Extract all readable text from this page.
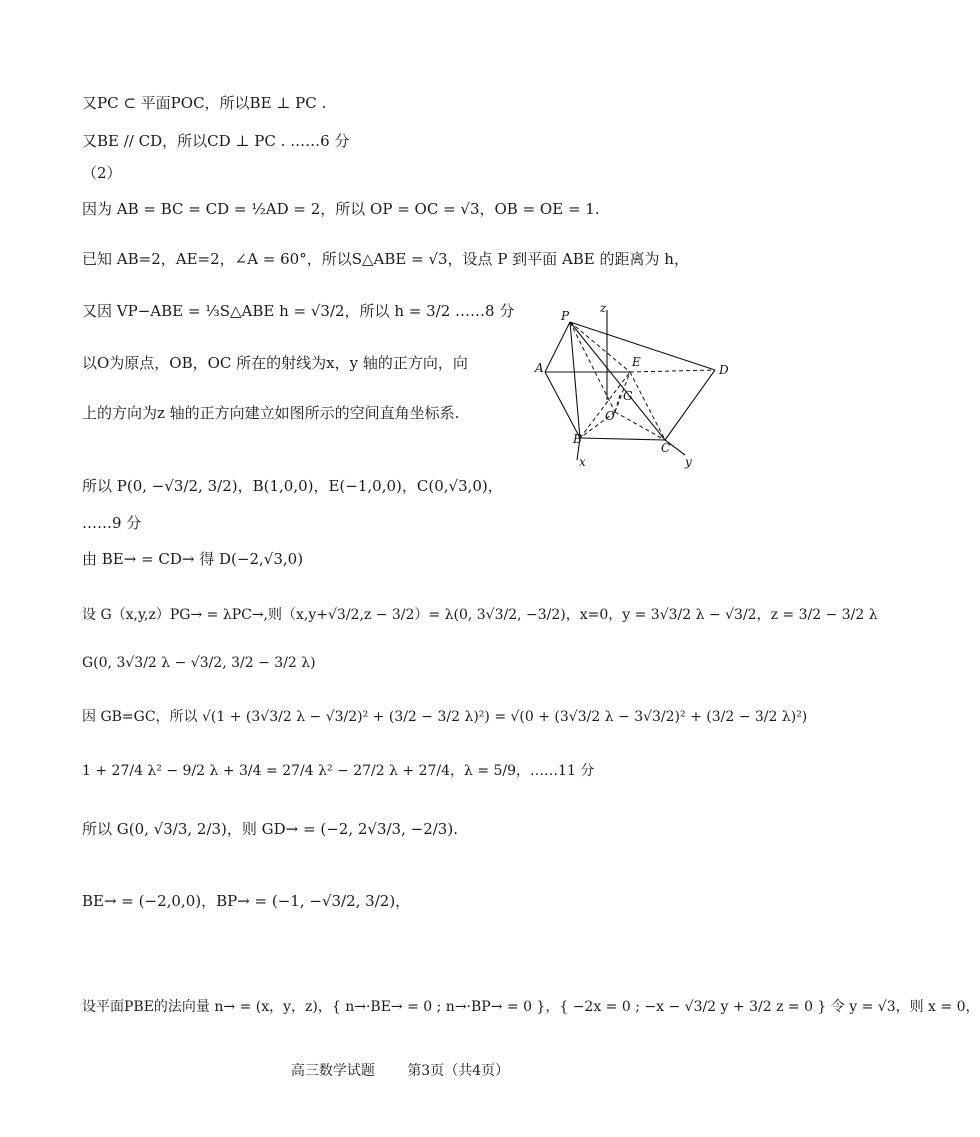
又PC ⊂ 平面POC，所以BE ⊥ PC .
又BE // CD，所以CD ⊥ PC . ……6 分
（2）
因为 AB = BC = CD = ½AD = 2，所以 OP = OC = √3，OB = OE = 1.
已知 AB=2，AE=2，∠A = 60°，所以S△ABE = √3，设点 P 到平面 ABE 的距离为 h，
又因 VP−ABE = ⅓S△ABE h = √3/2，所以 h = 3/2 ……8 分
以O为原点，OB，OC 所在的射线为x，y 轴的正方向，向
上的方向为z 轴的正方向建立如图所示的空间直角坐标系.
所以 P(0, −√3/2, 3/2)，B(1,0,0)，E(−1,0,0)，C(0,√3,0)，
……9 分
由 BE→ = CD→ 得 D(−2,√3,0)
设 G（x,y,z）PG→ = λPC→,则（x,y+√3/2,z − 3/2）= λ(0, 3√3/2, −3/2)，x=0，y = 3√3/2 λ − √3/2，z = 3/2 − 3/2 λ
G(0, 3√3/2 λ − √3/2, 3/2 − 3/2 λ)
因 GB=GC，所以 √(1 + (3√3/2 λ − √3/2)² + (3/2 − 3/2 λ)²) = √(0 + (3√3/2 λ − 3√3/2)² + (3/2 − 3/2 λ)²)
1 + 27/4 λ² − 9/2 λ + 3/4 = 27/4 λ² − 27/2 λ + 27/4，λ = 5/9，……11 分
所以 G(0, √3/3, 2/3)，则 GD→ = (−2, 2√3/3, −2/3).
BE→ = (−2,0,0)，BP→ = (−1, −√3/2, 3/2)，
设平面PBE的法向量 n→ = (x，y，z)，{ n→·BE→ = 0 ; n→·BP→ = 0 }，{ −2x = 0 ; −x − √3/2 y + 3/2 z = 0 } 令 y = √3，则 x = 0，
P
z
E
A	D
G
O
B
C
x	y
高三数学试题 第3页（共4页）
